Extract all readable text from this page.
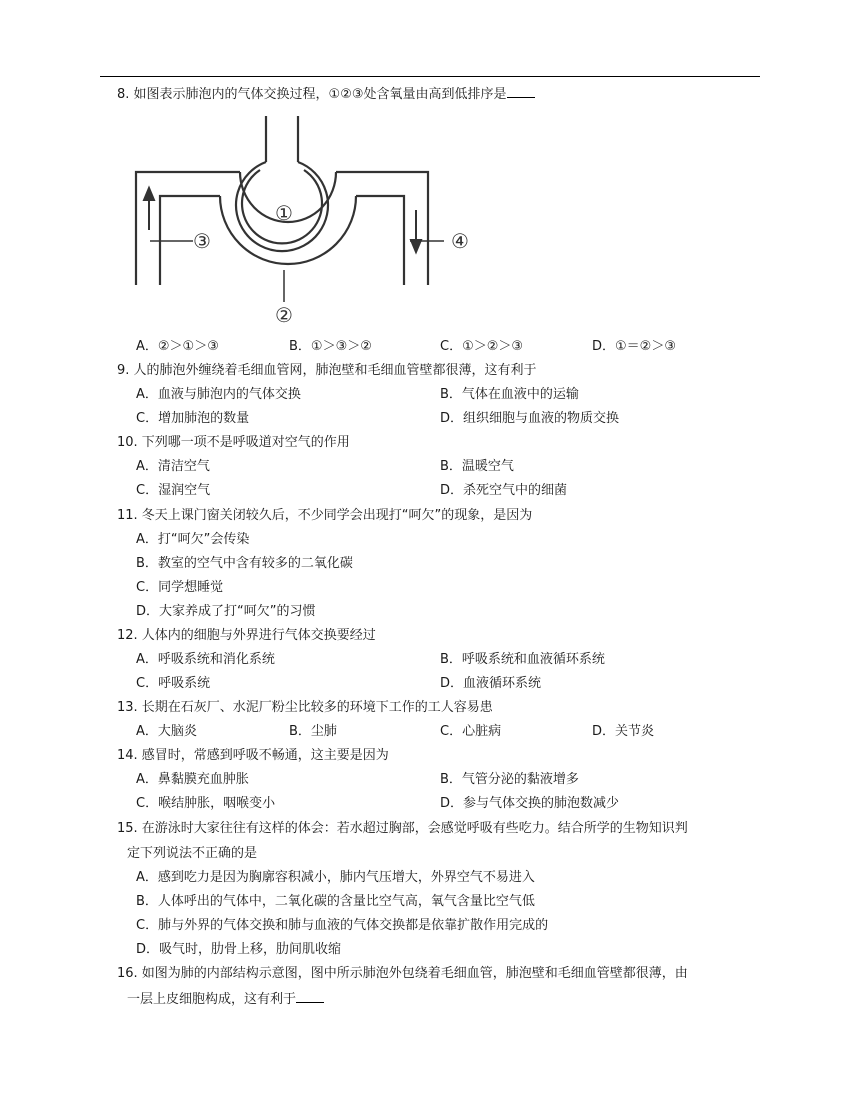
8. 如图表示肺泡内的气体交换过程，①②③处含氧量由高到低排序是
①
③	④
②
A．②＞①＞③	B．①＞③＞②	C．①＞②＞③	D．①＝②＞③
9. 人的肺泡外缠绕着毛细血管网，肺泡壁和毛细血管壁都很薄，这有利于
A．血液与肺泡内的气体交换	B．气体在血液中的运输
C．增加肺泡的数量	D．组织细胞与血液的物质交换
10. 下列哪一项不是呼吸道对空气的作用
A．清洁空气	B．温暖空气
C．湿润空气	D．杀死空气中的细菌
11. 冬天上课门窗关闭较久后，不少同学会出现打“呵欠”的现象，是因为
A．打“呵欠”会传染
B．教室的空气中含有较多的二氧化碳
C．同学想睡觉
D．大家养成了打“呵欠”的习惯
12. 人体内的细胞与外界进行气体交换要经过
A．呼吸系统和消化系统	B．呼吸系统和血液循环系统
C．呼吸系统	D．血液循环系统
13. 长期在石灰厂、水泥厂粉尘比较多的环境下工作的工人容易患
A．大脑炎	B．尘肺	C．心脏病	D．关节炎
14. 感冒时，常感到呼吸不畅通，这主要是因为
A．鼻黏膜充血肿胀	B．气管分泌的黏液增多
C．喉结肿胀，咽喉变小	D．参与气体交换的肺泡数减少
15. 在游泳时大家往往有这样的体会：若水超过胸部，会感觉呼吸有些吃力。结合所学的生物知识判
定下列说法不正确的是
A．感到吃力是因为胸廓容积减小，肺内气压增大，外界空气不易进入
B．人体呼出的气体中，二氧化碳的含量比空气高，氧气含量比空气低
C．肺与外界的气体交换和肺与血液的气体交换都是依靠扩散作用完成的
D．吸气时，肋骨上移，肋间肌收缩
16. 如图为肺的内部结构示意图，图中所示肺泡外包绕着毛细血管，肺泡壁和毛细血管壁都很薄，由
一层上皮细胞构成，这有利于
